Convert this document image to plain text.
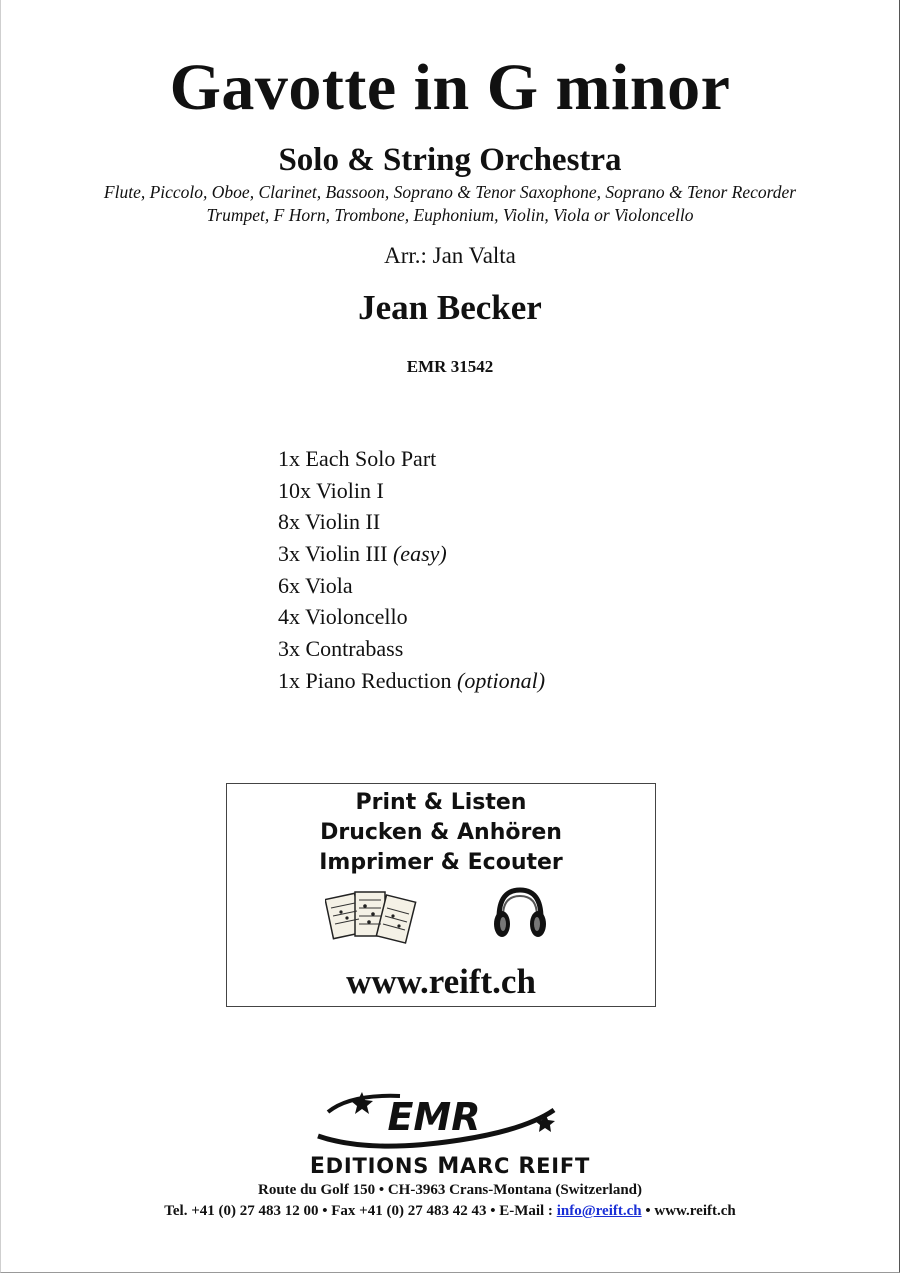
Gavotte in G minor
Solo & String Orchestra
Flute, Piccolo, Oboe, Clarinet, Bassoon, Soprano & Tenor Saxophone, Soprano & Tenor Recorder
Trumpet, F Horn, Trombone, Euphonium, Violin, Viola or Violoncello
Arr.: Jan Valta
Jean Becker
EMR 31542
1x Each Solo Part
10x Violin I
8x Violin II
3x Violin III (easy)
6x Viola
4x Violoncello
3x Contrabass
1x Piano Reduction (optional)
Print & Listen
Drucken & Anhören
Imprimer & Ecouter
www.reift.ch
EMR
EDITIONS MARC REIFT
Route du Golf 150 • CH-3963 Crans-Montana (Switzerland)
Tel. +41 (0) 27 483 12 00 • Fax +41 (0) 27 483 42 43 • E-Mail : info@reift.ch • www.reift.ch
